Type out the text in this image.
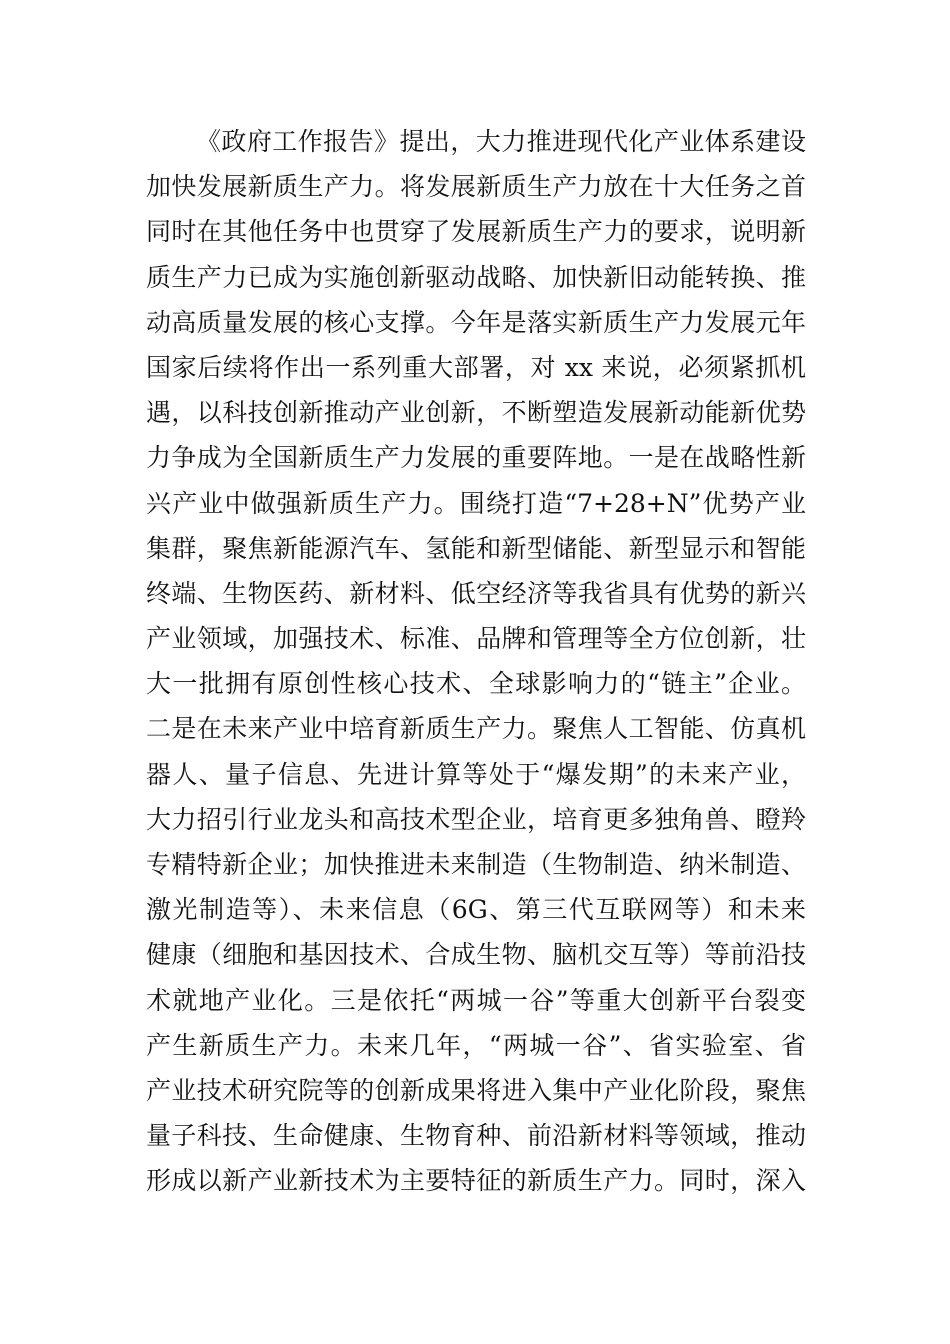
《政府工作报告》提出，大力推进现代化产业体系建设
加快发展新质生产力。将发展新质生产力放在十大任务之首
同时在其他任务中也贯穿了发展新质生产力的要求，说明新
质生产力已成为实施创新驱动战略、加快新旧动能转换、推
动高质量发展的核心支撑。今年是落实新质生产力发展元年
国家后续将作出一系列重大部署，对 xx 来说，必须紧抓机
遇，以科技创新推动产业创新，不断塑造发展新动能新优势
力争成为全国新质生产力发展的重要阵地。一是在战略性新
兴产业中做强新质生产力。围绕打造“7+28+N”优势产业
集群，聚焦新能源汽车、氢能和新型储能、新型显示和智能
终端、生物医药、新材料、低空经济等我省具有优势的新兴
产业领域，加强技术、标准、品牌和管理等全方位创新，壮
大一批拥有原创性核心技术、全球影响力的“链主”企业。
二是在未来产业中培育新质生产力。聚焦人工智能、仿真机
器人、量子信息、先进计算等处于“爆发期”的未来产业，
大力招引行业龙头和高技术型企业，培育更多独角兽、瞪羚
专精特新企业；加快推进未来制造（生物制造、纳米制造、
激光制造等）、未来信息（6G、第三代互联网等）和未来
健康（细胞和基因技术、合成生物、脑机交互等）等前沿技
术就地产业化。三是依托“两城一谷”等重大创新平台裂变
产生新质生产力。未来几年，“两城一谷”、省实验室、省
产业技术研究院等的创新成果将进入集中产业化阶段，聚焦
量子科技、生命健康、生物育种、前沿新材料等领域，推动
形成以新产业新技术为主要特征的新质生产力。同时，深入
